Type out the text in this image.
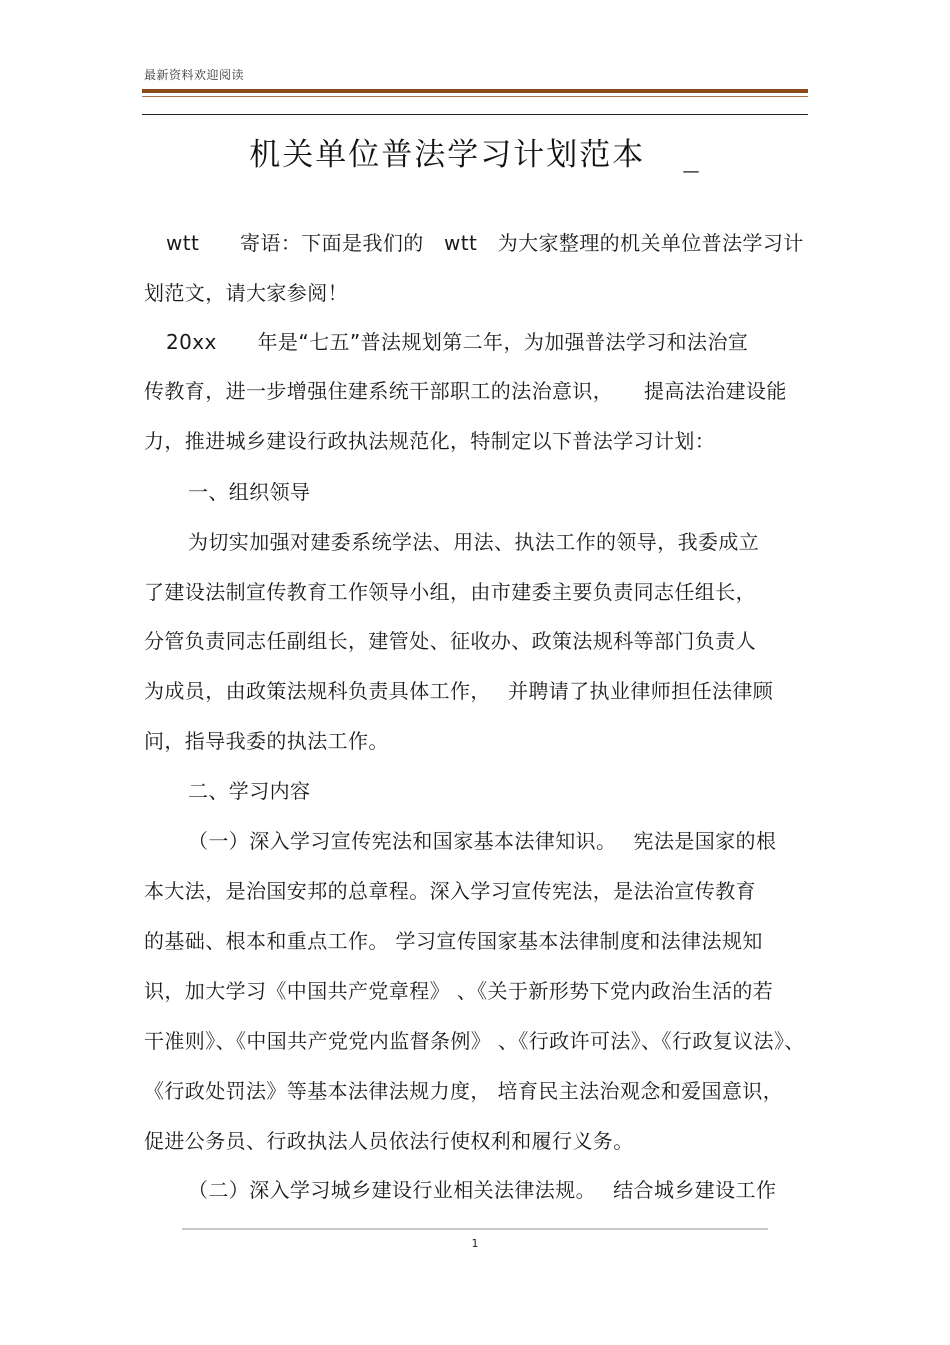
最新资料欢迎阅读
机关单位普法学习计划范本 _
wtt　　寄语：下面是我们的　wtt　为大家整理的机关单位普法学习计
划范文，请大家参阅！
20xx　　年是“七五”普法规划第二年，为加强普法学习和法治宣
传教育，进一步增强住建系统干部职工的法治意识，　　提高法治建设能
力，推进城乡建设行政执法规范化，特制定以下普法学习计划：
一、组织领导
为切实加强对建委系统学法、用法、执法工作的领导，我委成立
了建设法制宣传教育工作领导小组，由市建委主要负责同志任组长，
分管负责同志任副组长，建管处、征收办、政策法规科等部门负责人
为成员，由政策法规科负责具体工作，　 并聘请了执业律师担任法律顾
问，指导我委的执法工作。
二、学习内容
（一）深入学习宣传宪法和国家基本法律知识。　 宪法是国家的根
本大法，是治国安邦的总章程。深入学习宣传宪法，是法治宣传教育
的基础、根本和重点工作。 学习宣传国家基本法律制度和法律法规知
识，加大学习《中国共产党章程》 、《关于新形势下党内政治生活的若
干准则》、《中国共产党党内监督条例》 、《行政许可法》、《行政复议法》、
《行政处罚法》等基本法律法规力度， 培育民主法治观念和爱国意识，
促进公务员、行政执法人员依法行使权利和履行义务。
（二）深入学习城乡建设行业相关法律法规。　 结合城乡建设工作
1
